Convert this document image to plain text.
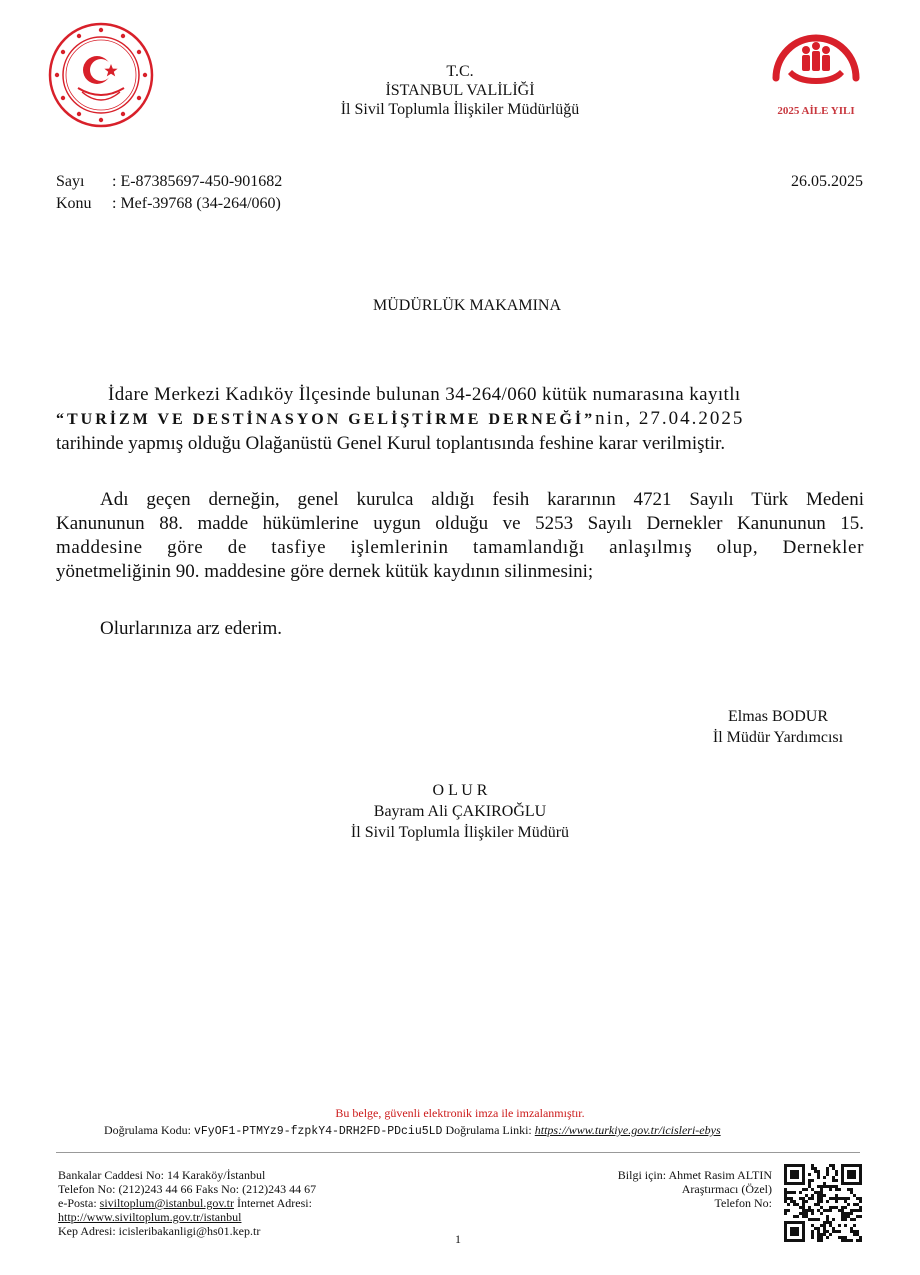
2025 AİLE YILI
T.C.
İSTANBUL VALİLİĞİ
İl Sivil Toplumla İlişkiler Müdürlüğü
Sayı : E-87385697-450-901682
Konu : Mef-39768 (34-264/060)
26.05.2025
MÜDÜRLÜK MAKAMINA
İdare Merkezi Kadıköy İlçesinde bulunan 34-264/060 kütük numarasına kayıtlı
“TURİZM VE DESTİNASYON GELİŞTİRME DERNEĞİ”nin, 27.04.2025
tarihinde yapmış olduğu Olağanüstü Genel Kurul toplantısında feshine karar verilmiştir.
Adı geçen derneğin, genel kurulca aldığı fesih kararının 4721 Sayılı Türk Medeni
Kanununun 88. madde hükümlerine uygun olduğu ve 5253 Sayılı Dernekler Kanununun 15.
maddesine göre de tasfiye işlemlerinin tamamlandığı anlaşılmış olup, Dernekler
yönetmeliğinin 90. maddesine göre dernek kütük kaydının silinmesini;
Olurlarınıza arz ederim.
Elmas BODUR
İl Müdür Yardımcısı
O L U R
Bayram Ali ÇAKIROĞLU
İl Sivil Toplumla İlişkiler Müdürü
Bu belge, güvenli elektronik imza ile imzalanmıştır.
Doğrulama Kodu: vFyOF1-PTMYz9-fzpkY4-DRH2FD-PDciu5LD Doğrulama Linki: https://www.turkiye.gov.tr/icisleri-ebys
Bankalar Caddesi No: 14 Karaköy/İstanbul
Telefon No: (212)243 44 66 Faks No: (212)243 44 67
e-Posta: siviltoplum@istanbul.gov.tr İnternet Adresi:
http://www.siviltoplum.gov.tr/istanbul
Kep Adresi: icisleribakanligi@hs01.kep.tr
1
Bilgi için: Ahmet Rasim ALTIN
Araştırmacı (Özel)
Telefon No:
